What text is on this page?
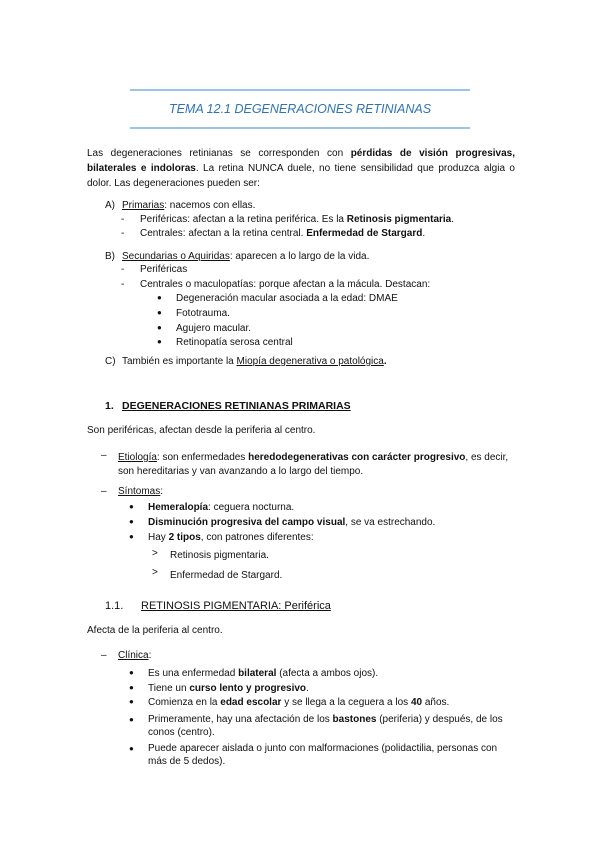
TEMA 12.1 DEGENERACIONES RETINIANAS
Las degeneraciones retinianas se corresponden con pérdidas de visión progresivas, bilaterales e indoloras. La retina NUNCA duele, no tiene sensibilidad que produzca algia o dolor. Las degeneraciones pueden ser:
A) Primarias: nacemos con ellas.
- Periféricas: afectan a la retina periférica. Es la Retinosis pigmentaria.
- Centrales: afectan a la retina central. Enfermedad de Stargard.
B) Secundarias o Aquiridas: aparecen a lo largo de la vida.
- Periféricas
- Centrales o maculopatías: porque afectan a la mácula. Destacan:
● Degeneración macular asociada a la edad: DMAE
● Fototrauma.
● Agujero macular.
● Retinopatía serosa central
C) También es importante la Miopía degenerativa o patológica.
1. DEGENERACIONES RETINIANAS PRIMARIAS
Son periféricas, afectan desde la periferia al centro.
– Etiología: son enfermedades heredodegenerativas con carácter progresivo, es decir,
son hereditarias y van avanzando a lo largo del tiempo.
– Síntomas:
● Hemeralopía: ceguera nocturna.
● Disminución progresiva del campo visual, se va estrechando.
● Hay 2 tipos, con patrones diferentes:
> Retinosis pigmentaria.
> Enfermedad de Stargard.
1.1. RETINOSIS PIGMENTARIA: Periférica
Afecta de la periferia al centro.
– Clínica:
● Es una enfermedad bilateral (afecta a ambos ojos).
● Tiene un curso lento y progresivo.
● Comienza en la edad escolar y se llega a la ceguera a los 40 años.
● Primeramente, hay una afectación de los bastones (periferia) y después, de los
conos (centro).
● Puede aparecer aislada o junto con malformaciones (polidactilia, personas con
más de 5 dedos).
